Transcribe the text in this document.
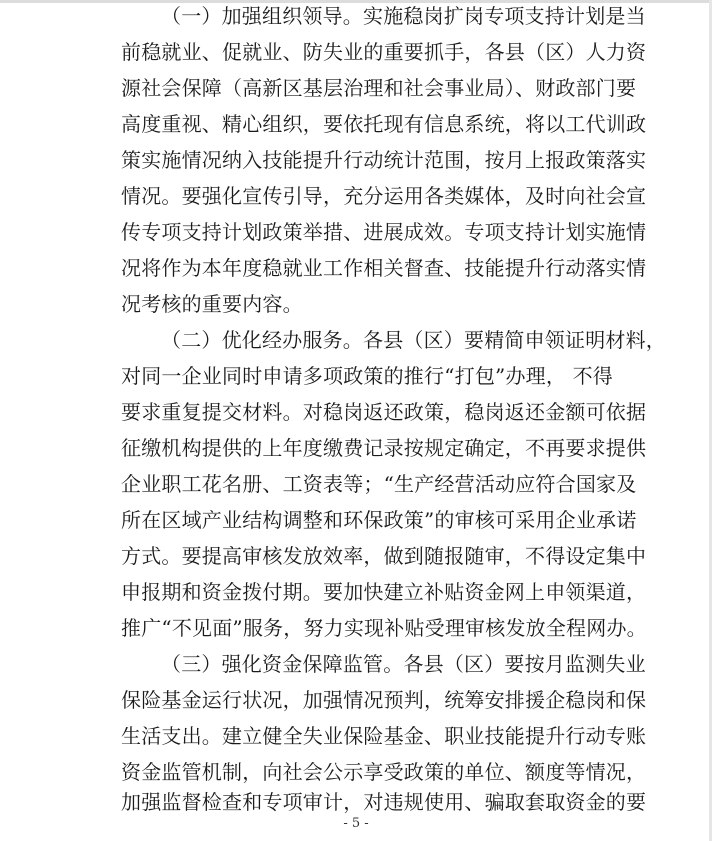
（一）加强组织领导。实施稳岗扩岗专项支持计划是当
前稳就业、促就业、防失业的重要抓手，各县（区）人力资
源社会保障（高新区基层治理和社会事业局）、财政部门要
高度重视、精心组织，要依托现有信息系统，将以工代训政
策实施情况纳入技能提升行动统计范围，按月上报政策落实
情况。要强化宣传引导，充分运用各类媒体，及时向社会宣
传专项支持计划政策举措、进展成效。专项支持计划实施情
况将作为本年度稳就业工作相关督查、技能提升行动落实情
况考核的重要内容。
（二）优化经办服务。各县（区）要精简申领证明材料，
对同一企业同时申请多项政策的推行“打包”办理， 不得
要求重复提交材料。对稳岗返还政策，稳岗返还金额可依据
征缴机构提供的上年度缴费记录按规定确定，不再要求提供
企业职工花名册、工资表等；“生产经营活动应符合国家及
所在区域产业结构调整和环保政策”的审核可采用企业承诺
方式。要提高审核发放效率，做到随报随审，不得设定集中
申报期和资金拨付期。要加快建立补贴资金网上申领渠道，
推广“不见面”服务，努力实现补贴受理审核发放全程网办。
（三）强化资金保障监管。各县（区）要按月监测失业
保险基金运行状况，加强情况预判，统筹安排援企稳岗和保
生活支出。建立健全失业保险基金、职业技能提升行动专账
资金监管机制，向社会公示享受政策的单位、额度等情况，
加强监督检查和专项审计，对违规使用、骗取套取资金的要
- 5 -
